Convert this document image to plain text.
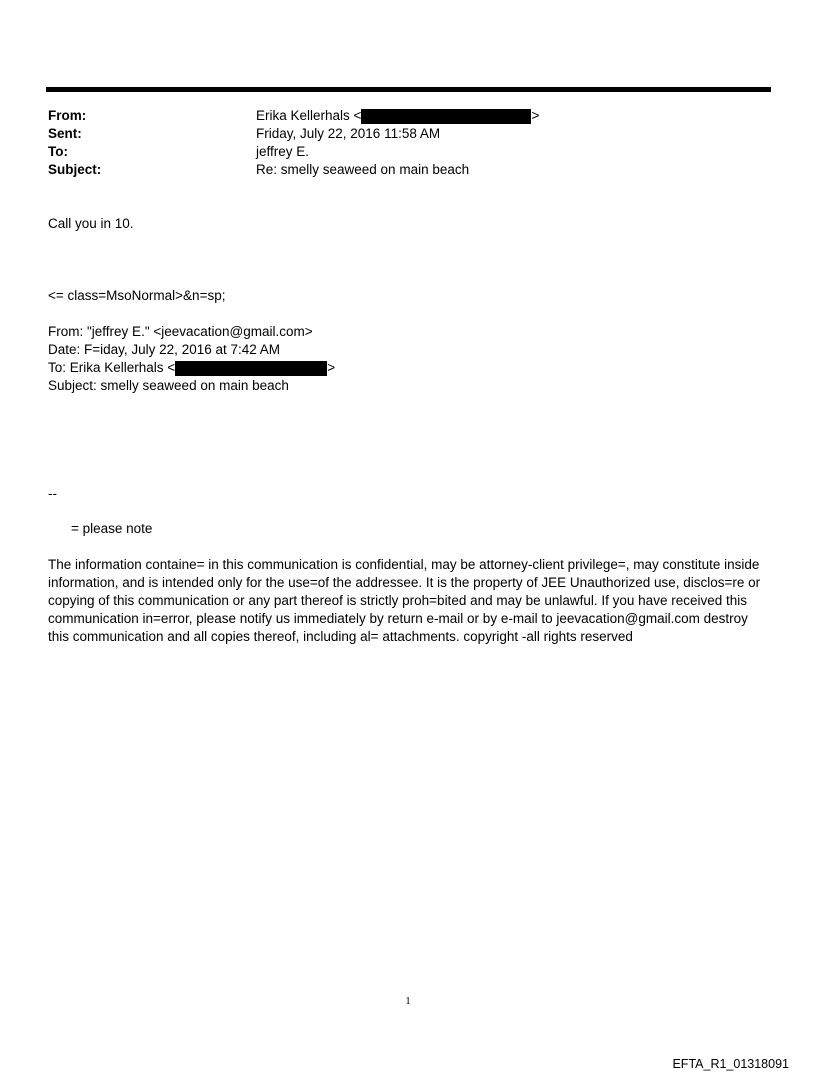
From:	Erika Kellerhals <	>
Sent:	Friday, July 22, 2016 11:58 AM
To:	jeffrey E.
Subject:	Re: smelly seaweed on main beach
Call you in 10.
<= class=MsoNormal>&n=sp;
From: "jeffrey E." <jeevacation@gmail.com>
Date: F=iday, July 22, 2016 at 7:42 AM
To: Erika Kellerhals <	>
Subject: smelly seaweed on main beach
--
= please note
The information containe= in this communication is confidential, may be attorney-client privilege=, may constitute inside information, and is intended only for the use=of the addressee. It is the property of JEE Unauthorized use, disclos=re or copying of this communication or any part thereof is strictly proh=bited and may be unlawful. If you have received this communication in=error, please notify us immediately by return e-mail or by e-mail to jeevacation@gmail.com destroy this communication and all copies thereof, including al= attachments. copyright -all rights reserved
1
EFTA_R1_01318091
